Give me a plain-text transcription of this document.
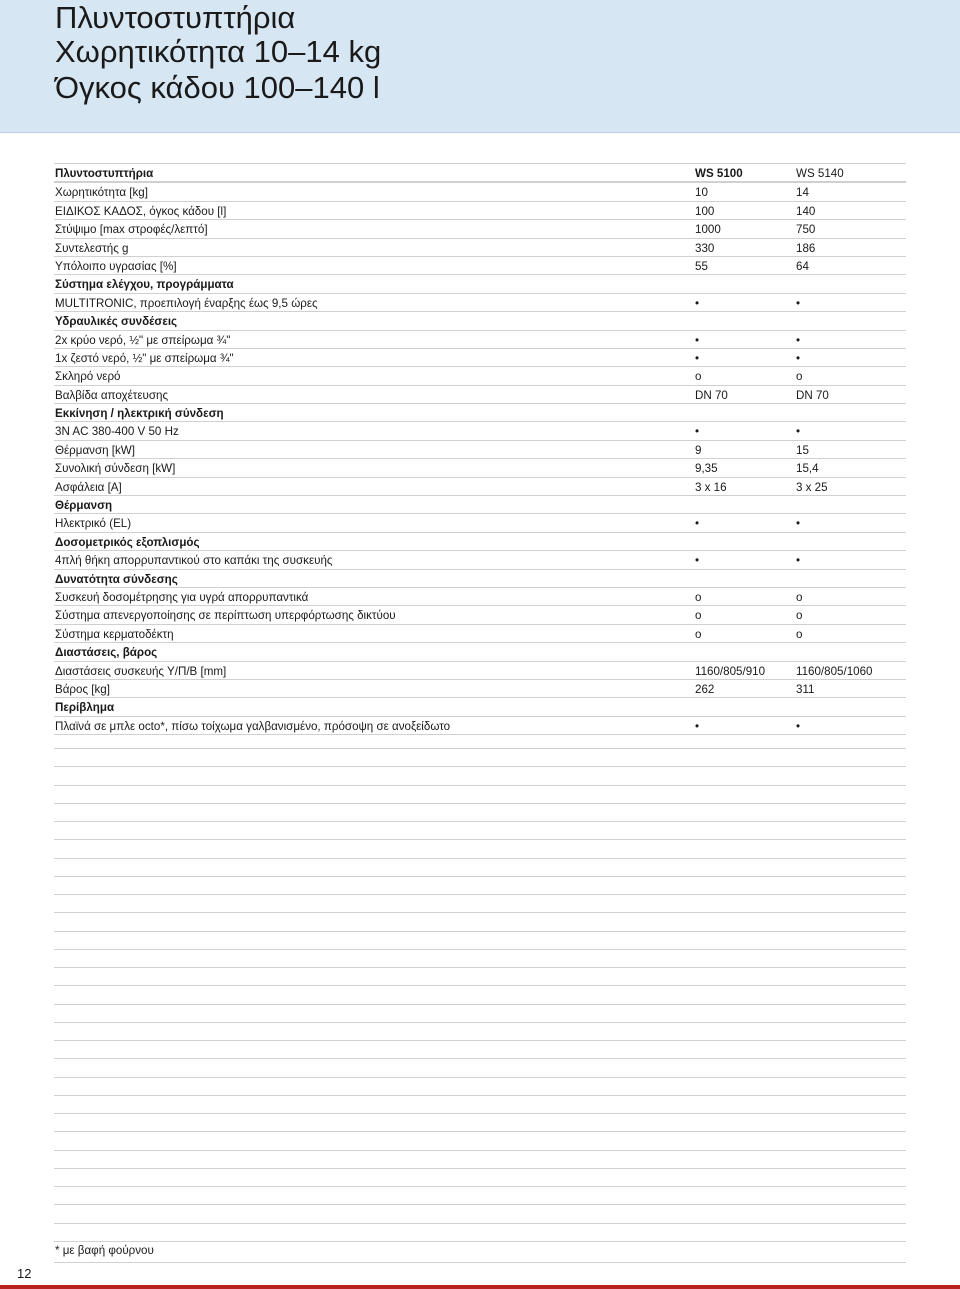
Πλυντοστυπτήρια
Χωρητικότητα 10–14 kg
Όγκος κάδου 100–140 l
Πλυντοστυπτήρια	WS 5100	WS 5140
Χωρητικότητα [kg]	10	14
ΕΙΔΙΚΟΣ ΚΑΔΟΣ, όγκος κάδου [l]	100	140
Στύψιμο [max στροφές/λεπτό]	1000	750
Συντελεστής g	330	186
Υπόλοιπο υγρασίας [%]	55	64
Σύστημα ελέγχου, προγράμματα
MULTITRONIC, προεπιλογή έναρξης έως 9,5 ώρες	•	•
Υδραυλικές συνδέσεις
2x κρύο νερό, ½" με σπείρωμα ¾"	•	•
1x ζεστό νερό, ½" με σπείρωμα ¾"	•	•
Σκληρό νερό	o	o
Βαλβίδα αποχέτευσης	DN 70	DN 70
Εκκίνηση / ηλεκτρική σύνδεση
3N AC 380-400 V 50 Hz	•	•
Θέρμανση [kW]	9	15
Συνολική σύνδεση [kW]	9,35	15,4
Ασφάλεια [A]	3 x 16	3 x 25
Θέρμανση
Ηλεκτρικό (EL)	•	•
Δοσομετρικός εξοπλισμός
4πλή θήκη απορρυπαντικού στο καπάκι της συσκευής	•	•
Δυνατότητα σύνδεσης
Συσκευή δοσομέτρησης για υγρά απορρυπαντικά	o	o
Σύστημα απενεργοποίησης σε περίπτωση υπερφόρτωσης δικτύου	o	o
Σύστημα κερματοδέκτη	o	o
Διαστάσεις, βάρος
Διαστάσεις συσκευής Υ/Π/Β [mm]	1160/805/910	1160/805/1060
Βάρος [kg]	262	311
Περίβλημα
Πλαϊνά σε μπλε octo*, πίσω τοίχωμα γαλβανισμένο, πρόσοψη σε ανοξείδωτο	•	•
* με βαφή φούρνου
12
